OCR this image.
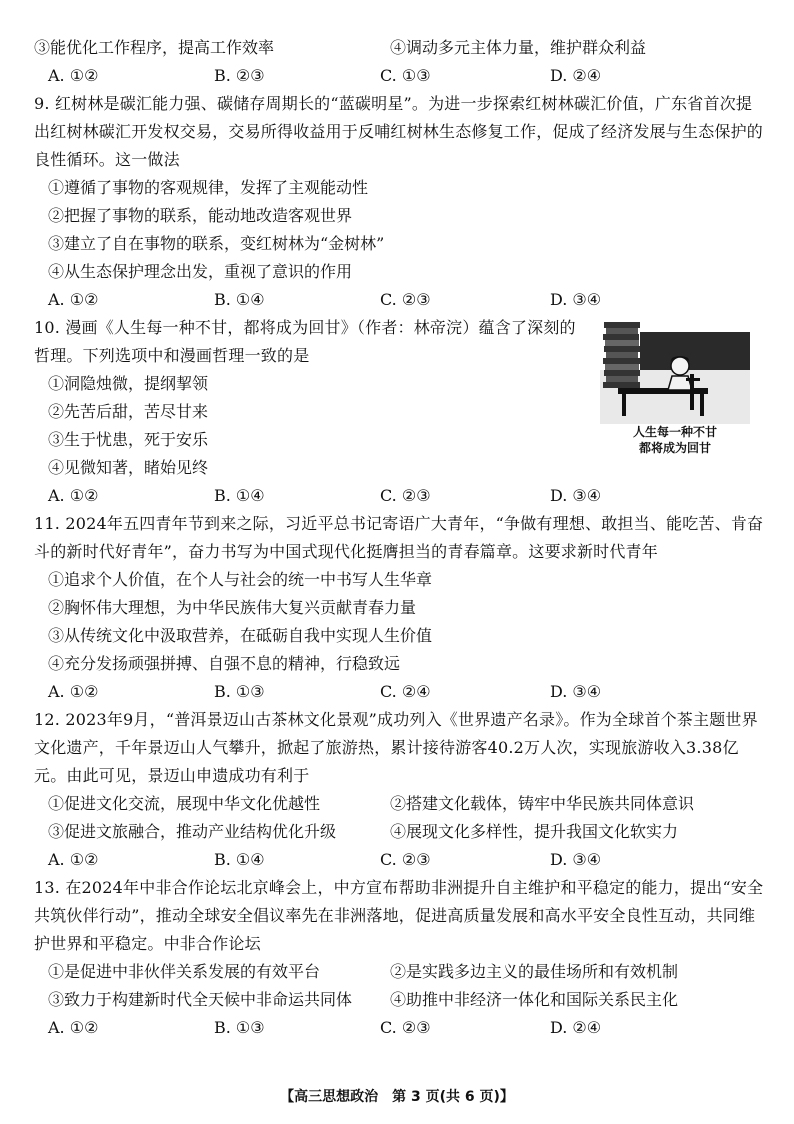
③能优化工作程序，提高工作效率	④调动多元主体力量，维护群众利益
A. ①②	B. ②③	C. ①③	D. ②④
9. 红树林是碳汇能力强、碳储存周期长的“蓝碳明星”。为进一步探索红树林碳汇价值，广东省首次提出红树林碳汇开发权交易，交易所得收益用于反哺红树林生态修复工作，促成了经济发展与生态保护的良性循环。这一做法
①遵循了事物的客观规律，发挥了主观能动性
②把握了事物的联系，能动地改造客观世界
③建立了自在事物的联系，变红树林为“金树林”
④从生态保护理念出发，重视了意识的作用
A. ①②	B. ①④	C. ②③	D. ③④
10. 漫画《人生每一种不甘，都将成为回甘》（作者：林帝浣）蕴含了深刻的哲理。下列选项中和漫画哲理一致的是
①洞隐烛微，提纲挈领
②先苦后甜，苦尽甘来
③生于忧患，死于安乐
④见微知著，睹始见终
人生每一种不甘
都将成为回甘
A. ①②	B. ①④	C. ②③	D. ③④
11. 2024年五四青年节到来之际，习近平总书记寄语广大青年，“争做有理想、敢担当、能吃苦、肯奋斗的新时代好青年”，奋力书写为中国式现代化挺膺担当的青春篇章。这要求新时代青年
①追求个人价值，在个人与社会的统一中书写人生华章
②胸怀伟大理想，为中华民族伟大复兴贡献青春力量
③从传统文化中汲取营养，在砥砺自我中实现人生价值
④充分发扬顽强拼搏、自强不息的精神，行稳致远
A. ①②	B. ①③	C. ②④	D. ③④
12. 2023年9月，“普洱景迈山古茶林文化景观”成功列入《世界遗产名录》。作为全球首个茶主题世界文化遗产，千年景迈山人气攀升，掀起了旅游热，累计接待游客40.2万人次，实现旅游收入3.38亿元。由此可见，景迈山申遗成功有利于
①促进文化交流，展现中华文化优越性	②搭建文化载体，铸牢中华民族共同体意识
③促进文旅融合，推动产业结构优化升级	④展现文化多样性，提升我国文化软实力
A. ①②	B. ①④	C. ②③	D. ③④
13. 在2024年中非合作论坛北京峰会上，中方宣布帮助非洲提升自主维护和平稳定的能力，提出“安全共筑伙伴行动”，推动全球安全倡议率先在非洲落地，促进高质量发展和高水平安全良性互动，共同维护世界和平稳定。中非合作论坛
①是促进中非伙伴关系发展的有效平台	②是实践多边主义的最佳场所和有效机制
③致力于构建新时代全天候中非命运共同体	④助推中非经济一体化和国际关系民主化
A. ①②	B. ①③	C. ②③	D. ②④
【高三思想政治　第 3 页(共 6 页)】
